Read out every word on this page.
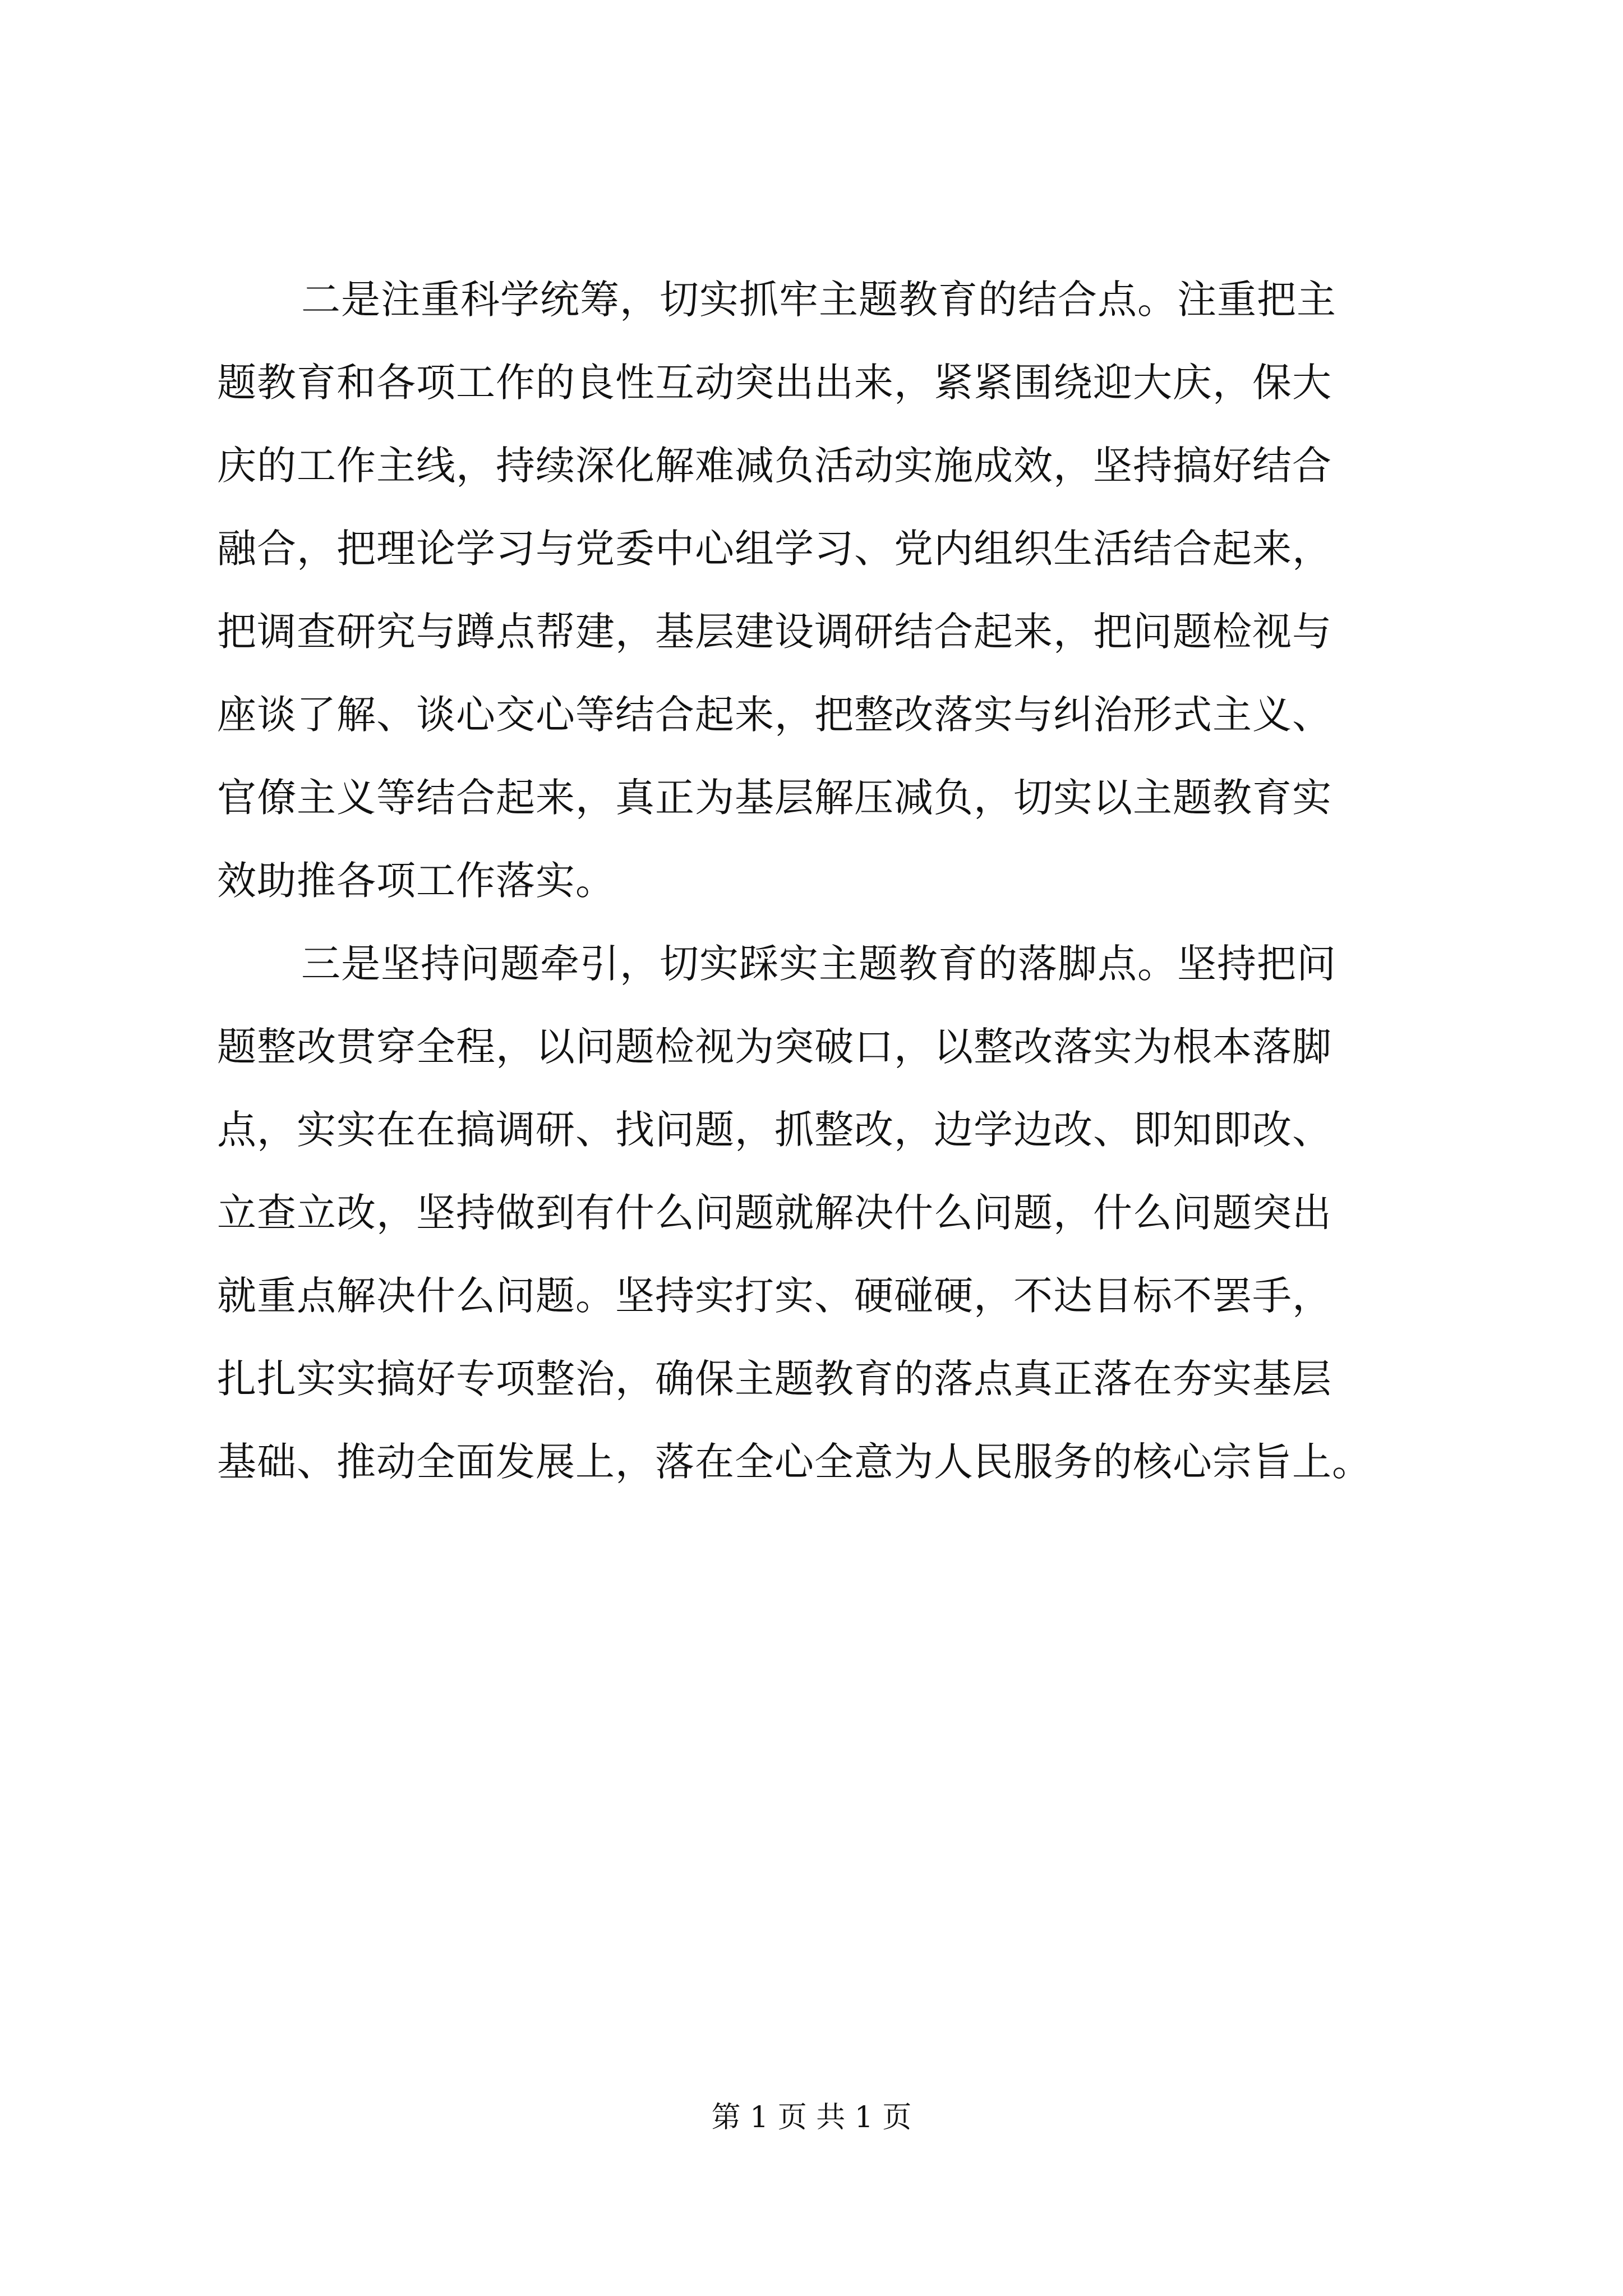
二是注重科学统筹，切实抓牢主题教育的结合点。注重把主
题教育和各项工作的良性互动突出出来，紧紧围绕迎大庆，保大
庆的工作主线，持续深化解难减负活动实施成效，坚持搞好结合
融合，把理论学习与党委中心组学习、党内组织生活结合起来，
把调查研究与蹲点帮建，基层建设调研结合起来，把问题检视与
座谈了解、谈心交心等结合起来，把整改落实与纠治形式主义、
官僚主义等结合起来，真正为基层解压减负，切实以主题教育实
效助推各项工作落实。
三是坚持问题牵引，切实踩实主题教育的落脚点。坚持把问
题整改贯穿全程，以问题检视为突破口，以整改落实为根本落脚
点，实实在在搞调研、找问题，抓整改，边学边改、即知即改、
立查立改，坚持做到有什么问题就解决什么问题，什么问题突出
就重点解决什么问题。坚持实打实、硬碰硬，不达目标不罢手，
扎扎实实搞好专项整治，确保主题教育的落点真正落在夯实基层
基础、推动全面发展上，落在全心全意为人民服务的核心宗旨上。
第 1 页 共 1 页
